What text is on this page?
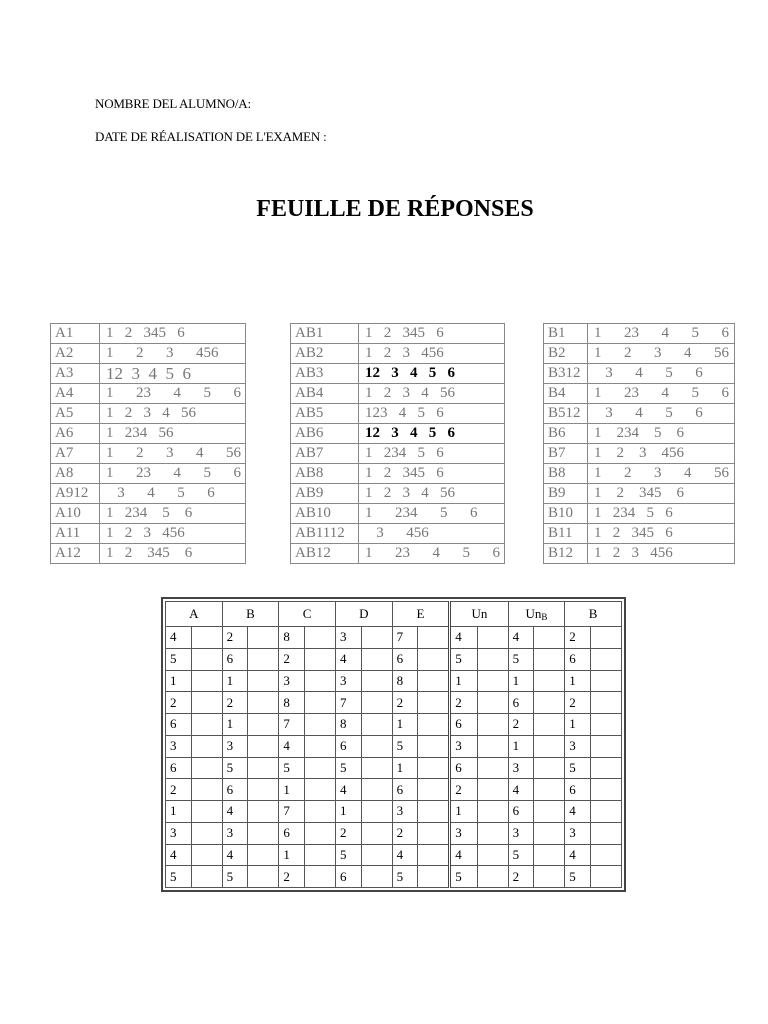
NOMBRE DEL ALUMNO/A:
DATE DE RÉALISATION DE L'EXAMEN :
FEUILLE DE RÉPONSES
A1	1   2   345   6
A2	1      2      3      456
A3	12  3  4  5  6
A4	1      23      4      5      6
A5	1   2   3   4   56
A6	1   234   56
A7	1      2      3      4      56
A8	1      23      4      5      6
A912	3      4      5      6
A10	1   234    5    6
A11	1   2   3   456
A12	1   2    345    6
AB1	1   2   345   6
AB2	1   2   3   456
AB3	12   3   4   5   6
AB4	1   2   3   4   56
AB5	123   4   5   6
AB6	12   3   4   5   6
AB7	1   234   5   6
AB8	1   2   345   6
AB9	1   2   3   4   56
AB10	1      234      5      6
AB1112	3      456
AB12	1      23      4      5      6
B1	1      23      4      5      6
B2	1      2      3      4      56
B312	3      4      5      6
B4	1      23      4      5      6
B512	3      4      5      6
B6	1    234    5    6
B7	1    2    3    456
B8	1      2      3      4      56
B9	1    2    345    6
B10	1   234   5   6
B11	1   2   345   6
B12	1   2   3   456
A		B		C		D		E		Un		$Un_B$		B	
4		2		8		3		7		4		4		2	
5		6		2		4		6		5		5		6	
1		1		3		3		8		1		1		1	
2		2		8		7		2		2		6		2	
6		1		7		8		1		6		2		1	
3		3		4		6		5		3		1		3	
6		5		5		5		1		6		3		5	
2		6		1		4		6		2		4		6	
1		4		7		1		3		1		6		4	
3		3		6		2		2		3		3		3	
4		4		1		5		4		4		5		4	
5		5		2		6		5		5		2		5	
